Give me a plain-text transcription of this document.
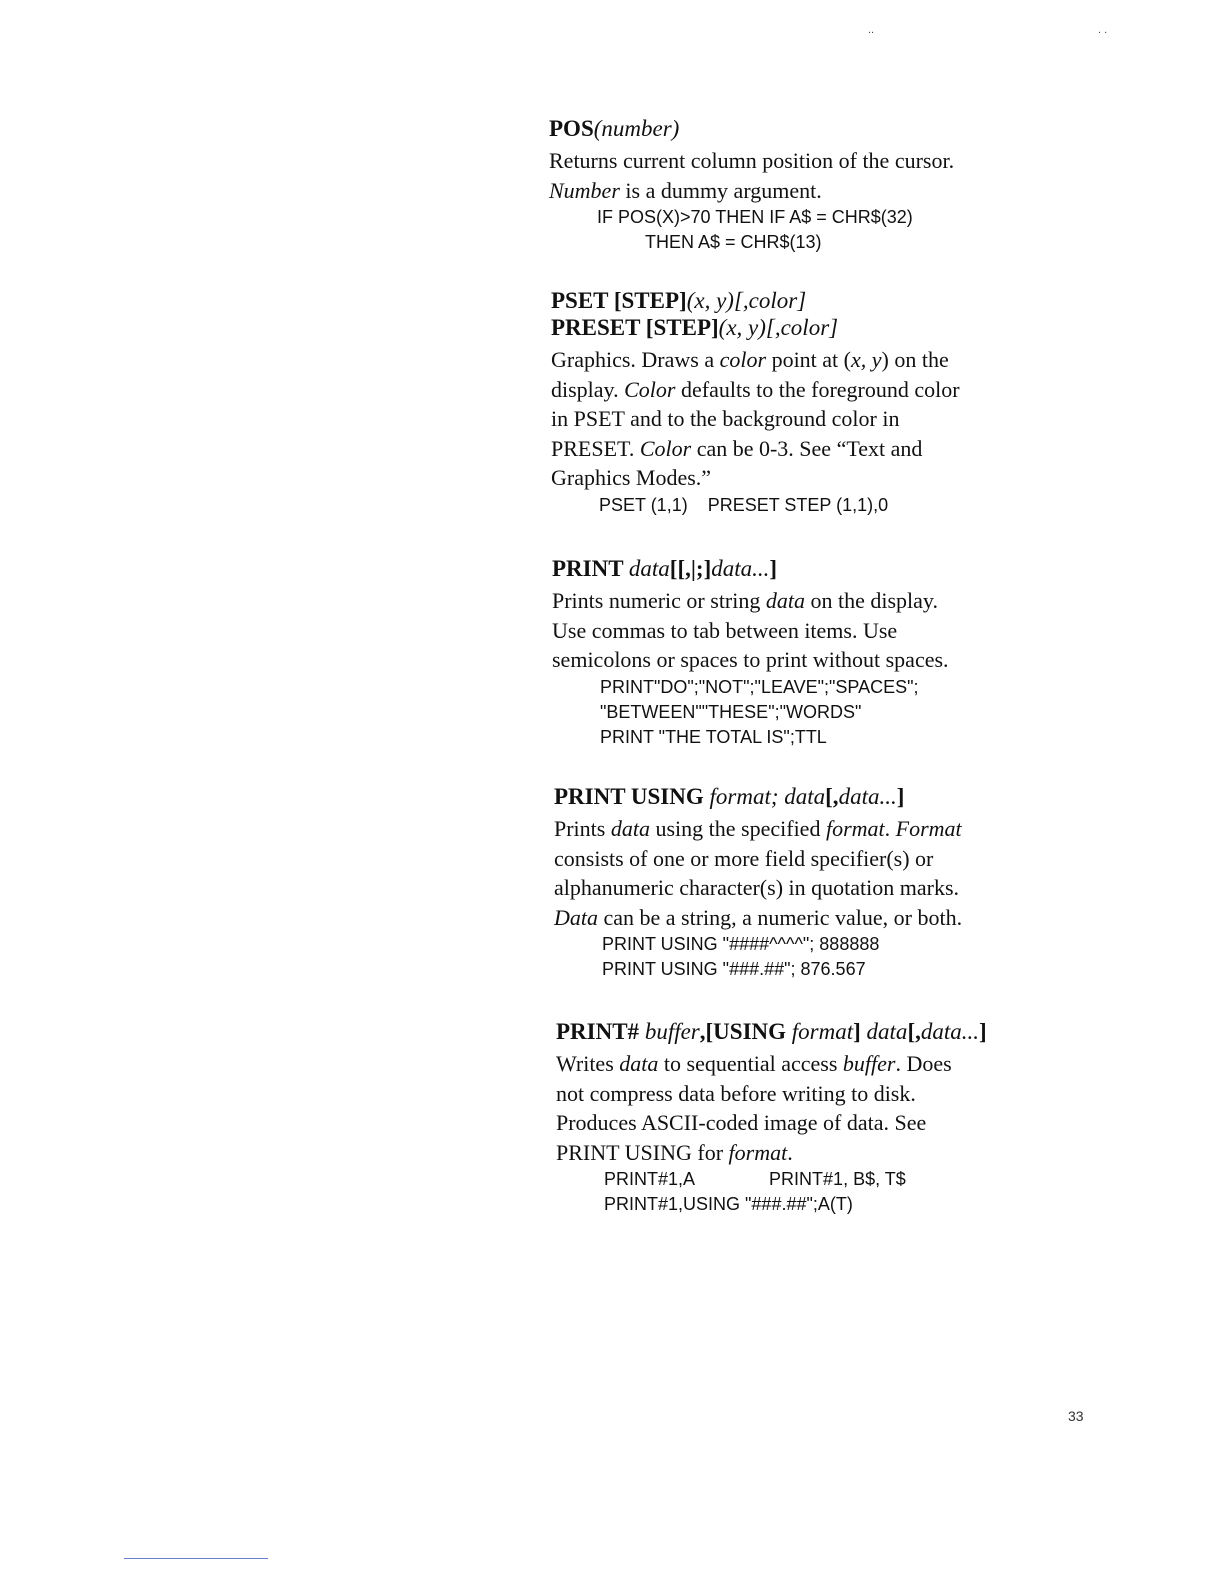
..	. .

POS(number)

Returns current column position of the cursor.
Number is a dummy argument.

IF POS(X)>70 THEN IF A$ = CHR$(32)
THEN A$ = CHR$(13)

PSET [STEP](x, y)[,color]

PRESET [STEP](x, y)[,color]

Graphics. Draws a color point at (x, y) on the
display. Color defaults to the foreground color
in PSET and to the background color in
PRESET. Color can be 0-3. See “Text and
Graphics Modes.”

PSET (1,1)    PRESET STEP (1,1),0

PRINT data[[,|;]data...]

Prints numeric or string data on the display.
Use commas to tab between items. Use
semicolons or spaces to print without spaces.

PRINT"DO";"NOT";"LEAVE";"SPACES";
"BETWEEN""THESE";"WORDS"
PRINT "THE TOTAL IS";TTL

PRINT USING format; data[,data...]

Prints data using the specified format. Format
consists of one or more field specifier(s) or
alphanumeric character(s) in quotation marks.
Data can be a string, a numeric value, or both.

PRINT USING "####^^^^"; 888888
PRINT USING "###.##"; 876.567

PRINT# buffer,[USING format] data[,data...]

Writes data to sequential access buffer. Does
not compress data before writing to disk.
Produces ASCII-coded image of data. See
PRINT USING for format.

PRINT#1,A               PRINT#1, B$, T$
PRINT#1,USING "###.##";A(T)
33
